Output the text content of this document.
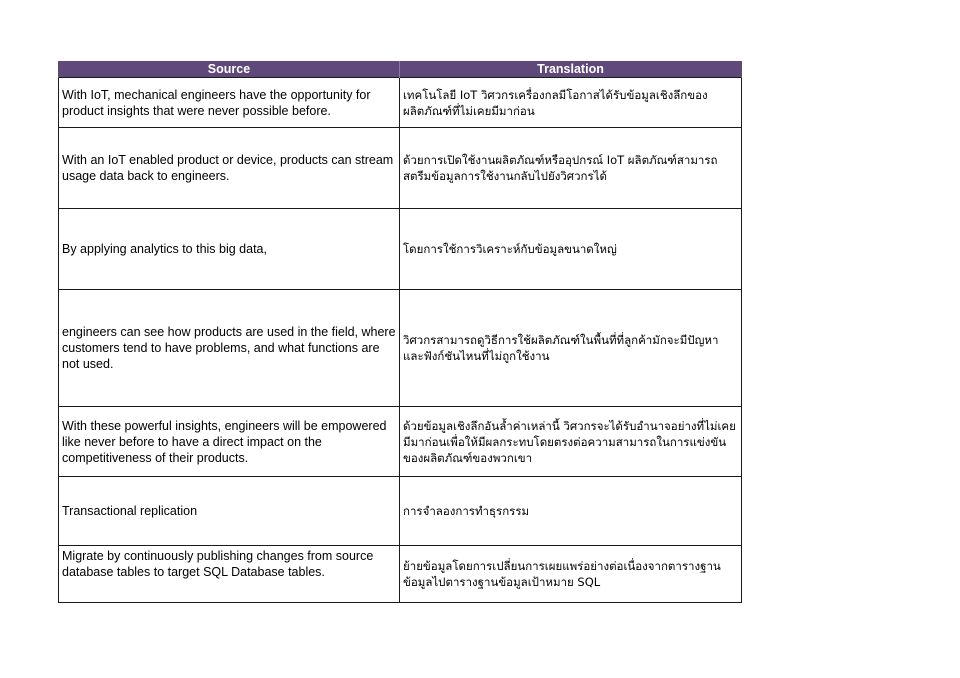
Source	Translation
With IoT, mechanical engineers have the opportunity for product insights that were never possible before.	เทคโนโลยี IoT วิศวกรเครื่องกลมีโอกาสได้รับข้อมูลเชิงลึกของผลิตภัณฑ์ที่ไม่เคยมีมาก่อน
With an IoT enabled product or device, products can stream usage data back to engineers.	ด้วยการเปิดใช้งานผลิตภัณฑ์หรืออุปกรณ์ IoT ผลิตภัณฑ์สามารถสตรีมข้อมูลการใช้งานกลับไปยังวิศวกรได้
By applying analytics to this big data,	โดยการใช้การวิเคราะห์กับข้อมูลขนาดใหญ่
engineers can see how products are used in the field, where customers tend to have problems, and what functions are not used.	วิศวกรสามารถดูวิธีการใช้ผลิตภัณฑ์ในพื้นที่ที่ลูกค้ามักจะมีปัญหาและฟังก์ชันไหนที่ไม่ถูกใช้งาน
With these powerful insights, engineers will be empowered like never before to have a direct impact on the competitiveness of their products.	ด้วยข้อมูลเชิงลึกอันล้ำค่าเหล่านี้ วิศวกรจะได้รับอำนาจอย่างที่ไม่เคยมีมาก่อนเพื่อให้มีผลกระทบโดยตรงต่อความสามารถในการแข่งขันของผลิตภัณฑ์ของพวกเขา
Transactional replication	การจำลองการทำธุรกรรม
Migrate by continuously publishing changes from source database tables to target SQL Database tables.	ย้ายข้อมูลโดยการเปลี่ยนการเผยแพร่อย่างต่อเนื่องจากตารางฐานข้อมูลไปตารางฐานข้อมูลเป้าหมาย SQL
